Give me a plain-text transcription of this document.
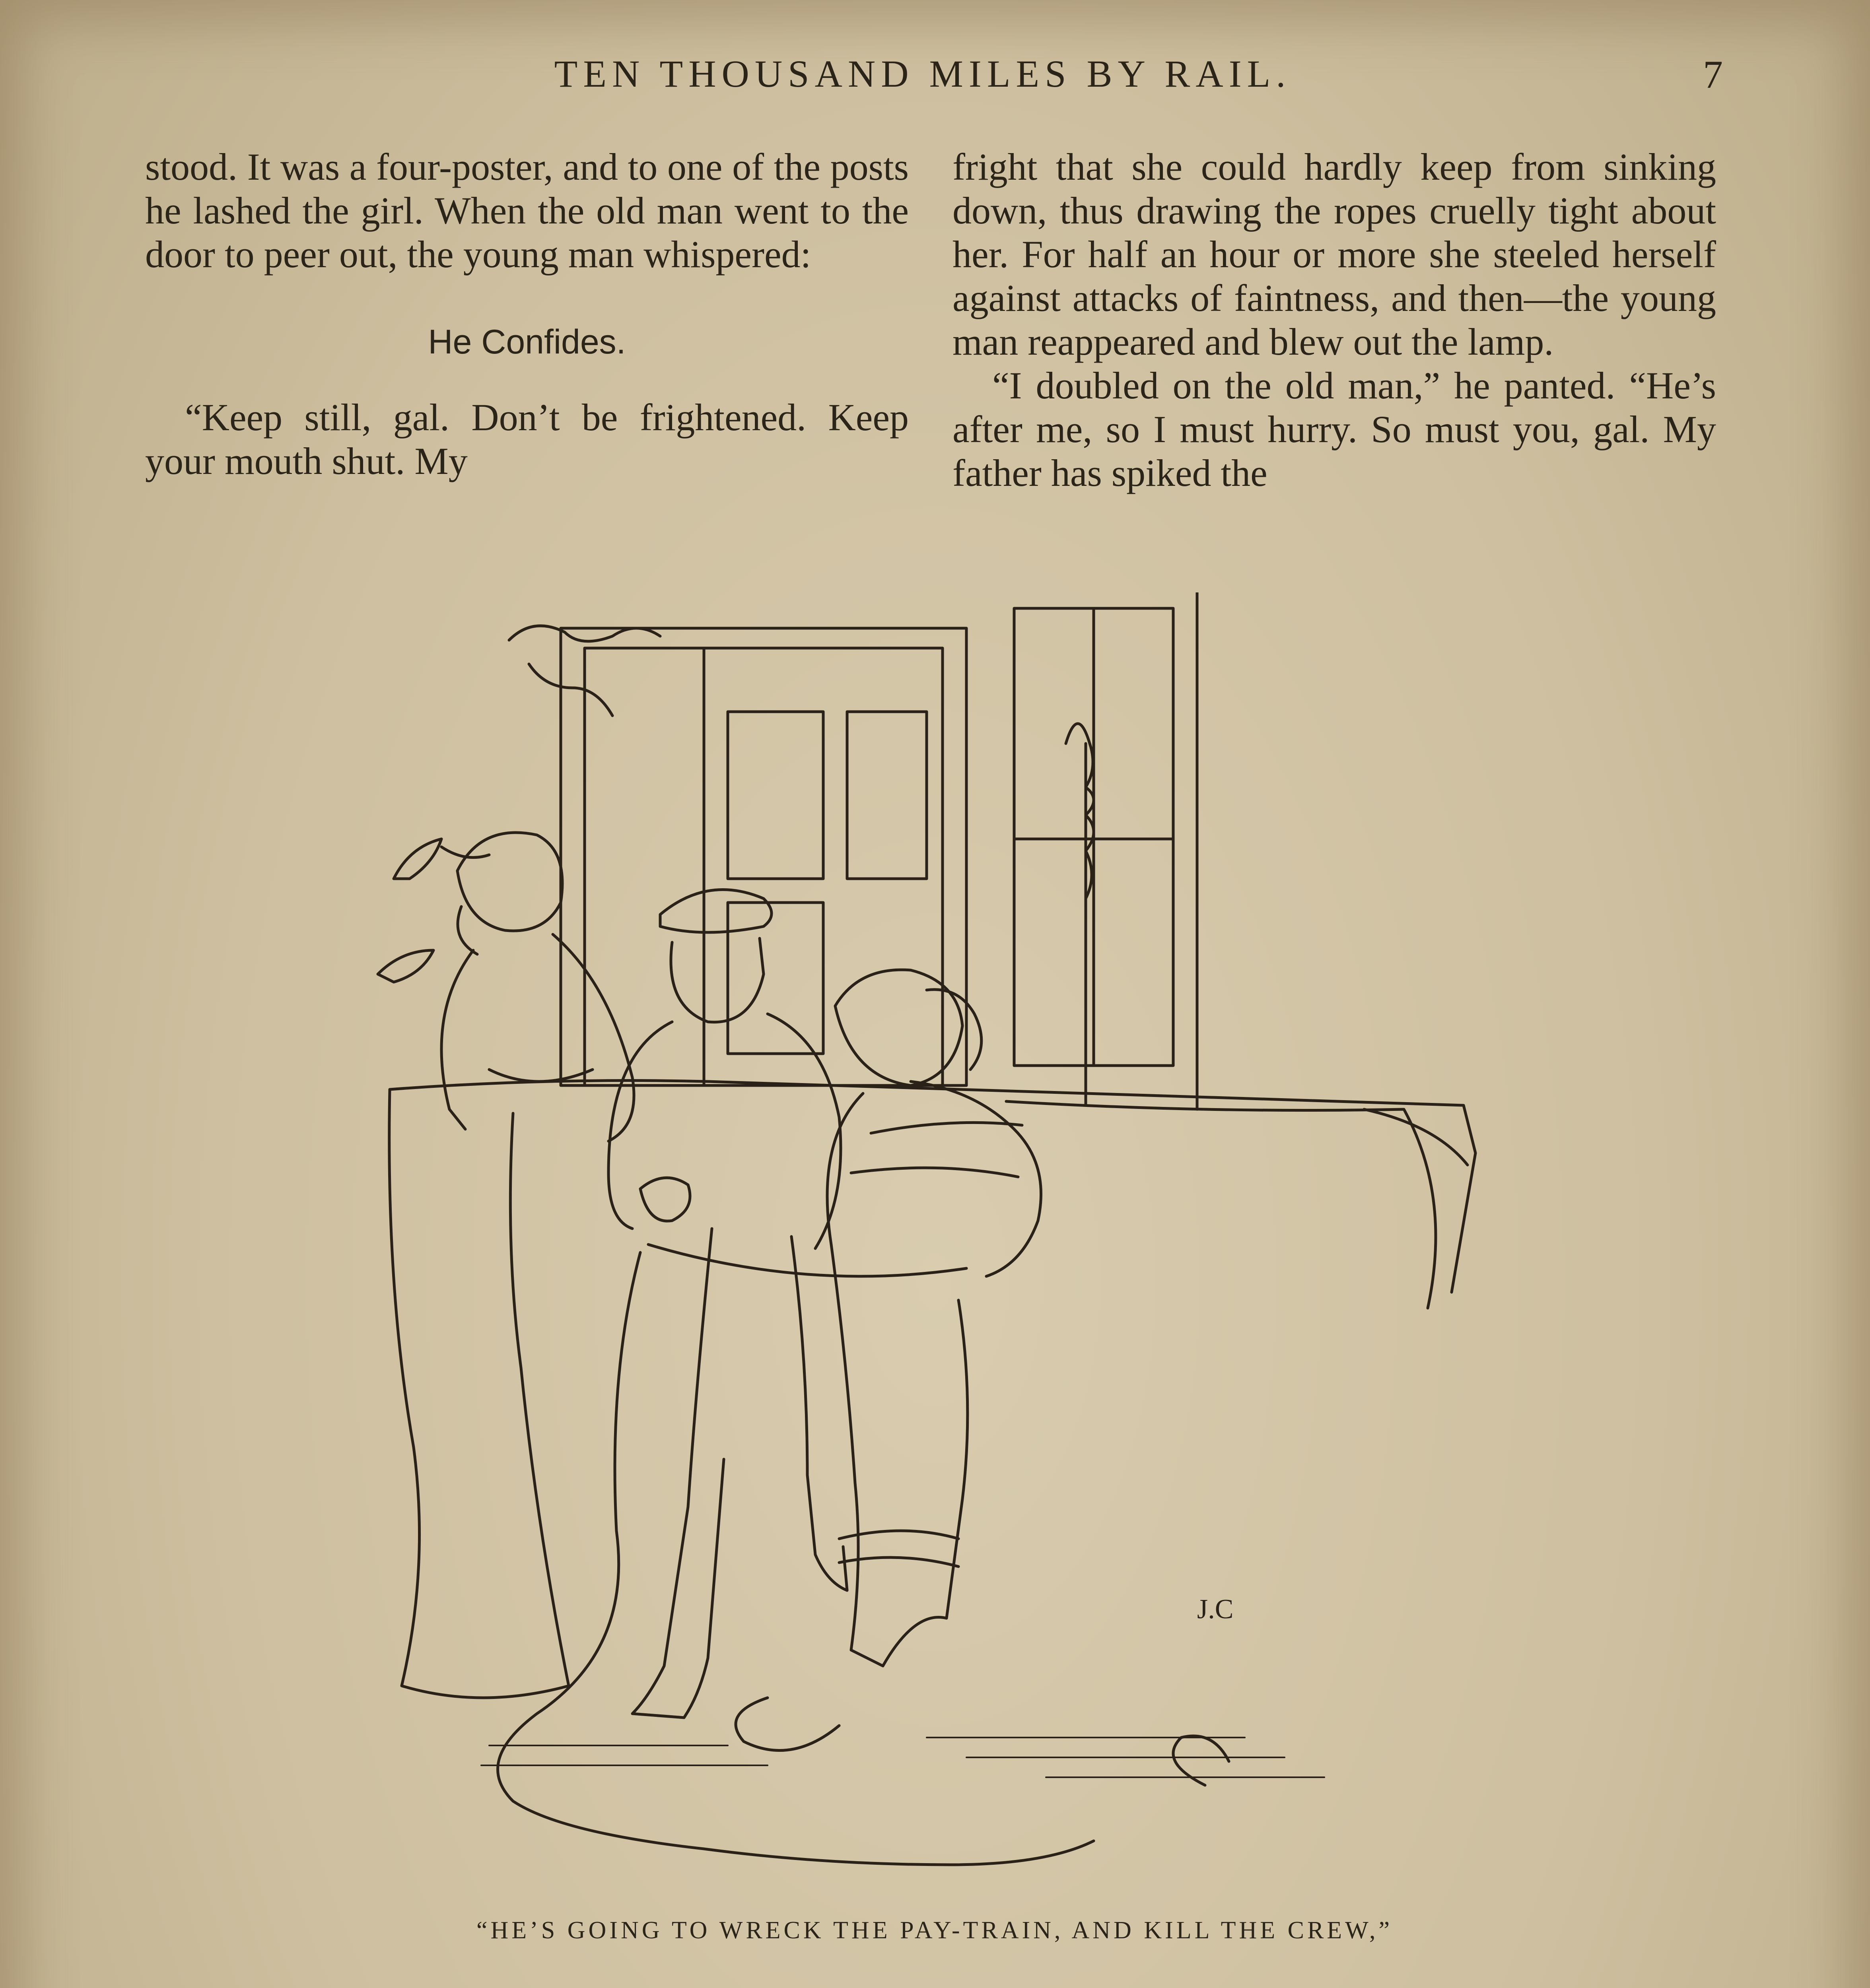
TEN THOUSAND MILES BY RAIL.	7

stood. It was a four-poster, and to one of the posts he lashed the girl. When the old man went to the door to peer out, the young man whispered:

He Confides.

“Keep still, gal. Don’t be frightened. Keep your mouth shut. My

fright that she could hardly keep from sinking down, thus drawing the ropes cruelly tight about her. For half an hour or more she steeled herself against attacks of faintness, and then—the young man reappeared and blew out the lamp.

“I doubled on the old man,” he panted. “He’s after me, so I must hurry. So must you, gal. My father has spiked the

J.C
“HE’S GOING TO WRECK THE PAY-TRAIN, AND KILL THE CREW,”
